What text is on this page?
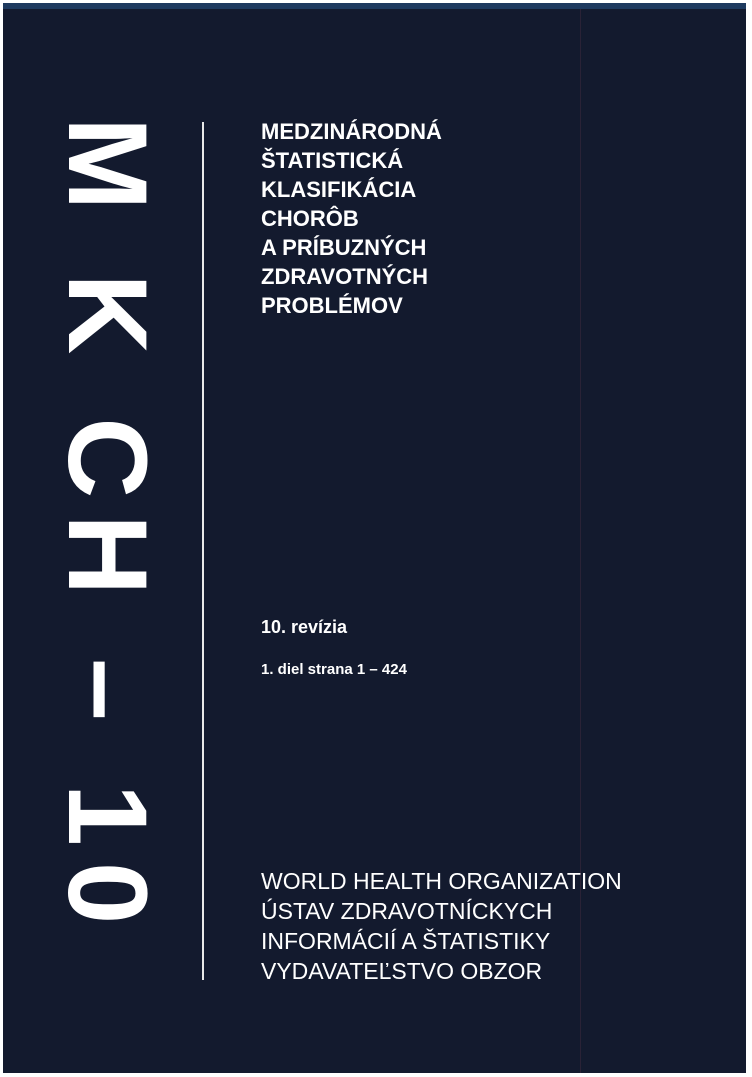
M K CH – 10	MEDZINÁRODNÁ
ŠTATISTICKÁ
KLASIFIKÁCIA
CHORÔB
A PRÍBUZNÝCH
ZDRAVOTNÝCH
PROBLÉMOV
10. revízia
1. diel strana 1 – 424
WORLD HEALTH ORGANIZATION
ÚSTAV ZDRAVOTNÍCKYCH
INFORMÁCIÍ A ŠTATISTIKY
VYDAVATEĽSTVO OBZOR
